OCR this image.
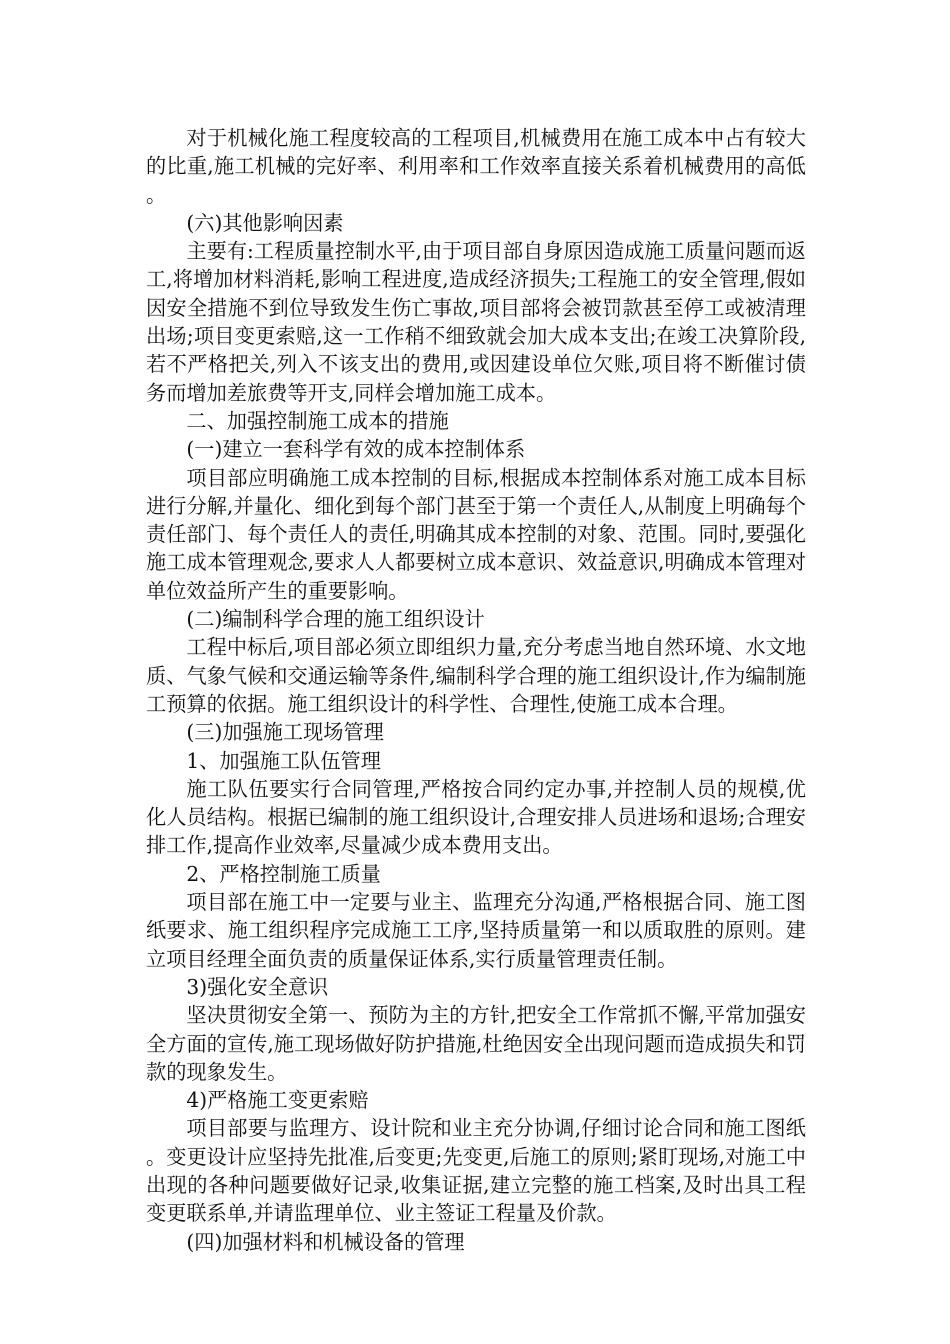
对于机械化施工程度较高的工程项目,机械费用在施工成本中占有较大的比重,施工机械的完好率、利用率和工作效率直接关系着机械费用的高低。

(六)其他影响因素

主要有:工程质量控制水平,由于项目部自身原因造成施工质量问题而返工,将增加材料消耗,影响工程进度,造成经济损失;工程施工的安全管理,假如因安全措施不到位导致发生伤亡事故,项目部将会被罚款甚至停工或被清理出场;项目变更索赔,这一工作稍不细致就会加大成本支出;在竣工决算阶段,若不严格把关,列入不该支出的费用,或因建设单位欠账,项目将不断催讨债务而增加差旅费等开支,同样会增加施工成本。

二、加强控制施工成本的措施

(一)建立一套科学有效的成本控制体系

项目部应明确施工成本控制的目标,根据成本控制体系对施工成本目标进行分解,并量化、细化到每个部门甚至于第一个责任人,从制度上明确每个责任部门、每个责任人的责任,明确其成本控制的对象、范围。同时,要强化施工成本管理观念,要求人人都要树立成本意识、效益意识,明确成本管理对单位效益所产生的重要影响。

(二)编制科学合理的施工组织设计

工程中标后,项目部必须立即组织力量,充分考虑当地自然环境、水文地质、气象气候和交通运输等条件,编制科学合理的施工组织设计,作为编制施工预算的依据。施工组织设计的科学性、合理性,使施工成本合理。

(三)加强施工现场管理

1、加强施工队伍管理

施工队伍要实行合同管理,严格按合同约定办事,并控制人员的规模,优化人员结构。根据已编制的施工组织设计,合理安排人员进场和退场;合理安排工作,提高作业效率,尽量减少成本费用支出。

2、严格控制施工质量

项目部在施工中一定要与业主、监理充分沟通,严格根据合同、施工图纸要求、施工组织程序完成施工工序,坚持质量第一和以质取胜的原则。建立项目经理全面负责的质量保证体系,实行质量管理责任制。

3)强化安全意识

坚决贯彻安全第一、预防为主的方针,把安全工作常抓不懈,平常加强安全方面的宣传,施工现场做好防护措施,杜绝因安全出现问题而造成损失和罚款的现象发生。

4)严格施工变更索赔

项目部要与监理方、设计院和业主充分协调,仔细讨论合同和施工图纸。变更设计应坚持先批准,后变更;先变更,后施工的原则;紧盯现场,对施工中出现的各种问题要做好记录,收集证据,建立完整的施工档案,及时出具工程变更联系单,并请监理单位、业主签证工程量及价款。

(四)加强材料和机械设备的管理
